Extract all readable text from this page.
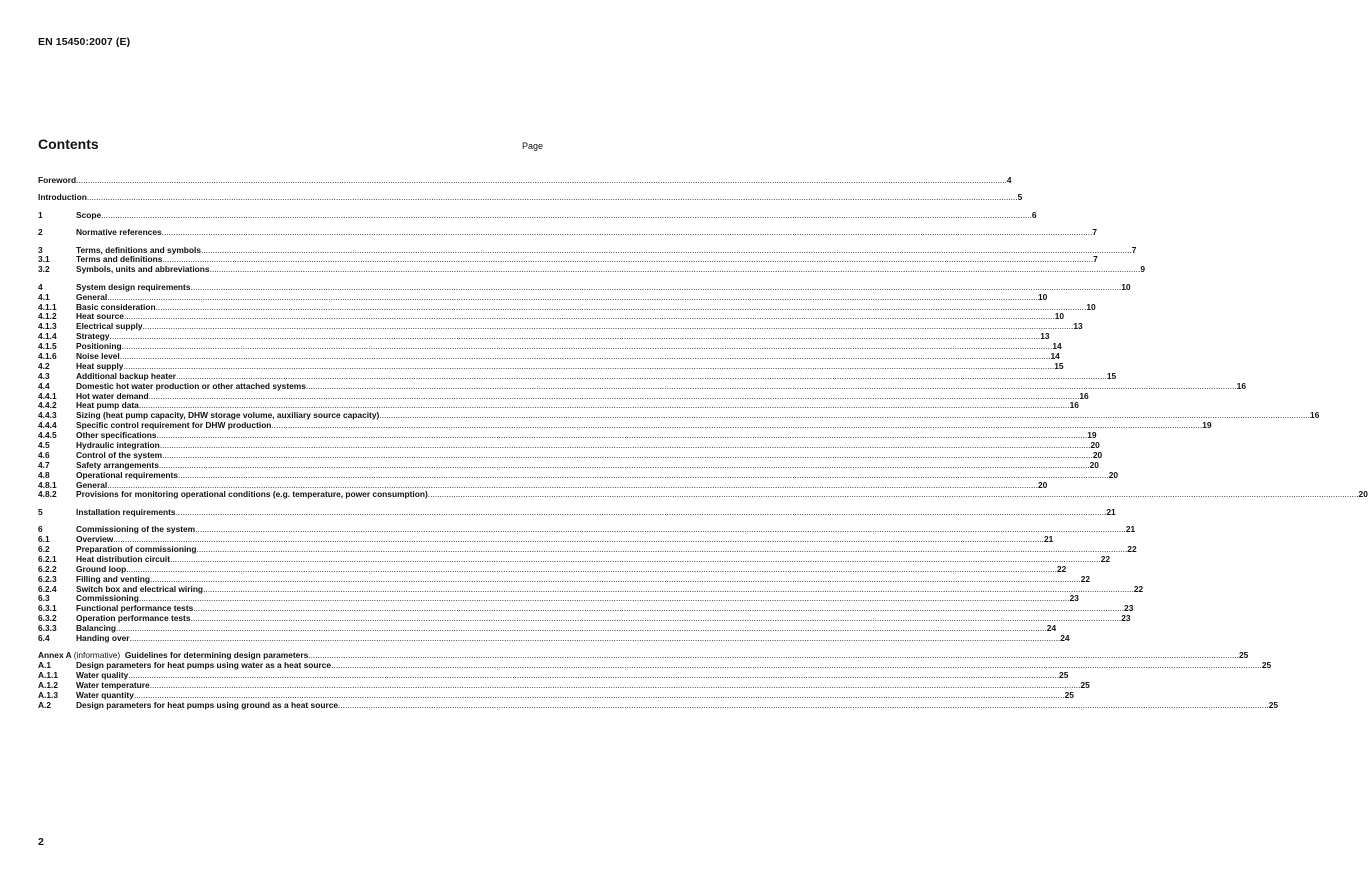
EN 15450:2007 (E)
Contents	Page
Foreword ................................................................................................................................................................................................................................................................................................................................................................................................................ 4
Introduction ................................................................................................................................................................................................................................................................................................................................................................................................................ 5
1	Scope ................................................................................................................................................................................................................................................................................................................................................................................................................ 6
2	Normative references ................................................................................................................................................................................................................................................................................................................................................................................................................ 7
3	Terms, definitions and symbols ................................................................................................................................................................................................................................................................................................................................................................................................................ 7
3.1	Terms and definitions ................................................................................................................................................................................................................................................................................................................................................................................................................ 7
3.2	Symbols, units and abbreviations ................................................................................................................................................................................................................................................................................................................................................................................................................ 9
4	System design requirements ................................................................................................................................................................................................................................................................................................................................................................................................................ 10
4.1	General ................................................................................................................................................................................................................................................................................................................................................................................................................ 10
4.1.1	Basic consideration ................................................................................................................................................................................................................................................................................................................................................................................................................ 10
4.1.2	Heat source ................................................................................................................................................................................................................................................................................................................................................................................................................ 10
4.1.3	Electrical supply ................................................................................................................................................................................................................................................................................................................................................................................................................ 13
4.1.4	Strategy ................................................................................................................................................................................................................................................................................................................................................................................................................ 13
4.1.5	Positioning ................................................................................................................................................................................................................................................................................................................................................................................................................ 14
4.1.6	Noise level ................................................................................................................................................................................................................................................................................................................................................................................................................ 14
4.2	Heat supply ................................................................................................................................................................................................................................................................................................................................................................................................................ 15
4.3	Additional backup heater ................................................................................................................................................................................................................................................................................................................................................................................................................ 15
4.4	Domestic hot water production or other attached systems ................................................................................................................................................................................................................................................................................................................................................................................................................ 16
4.4.1	Hot water demand ................................................................................................................................................................................................................................................................................................................................................................................................................ 16
4.4.2	Heat pump data ................................................................................................................................................................................................................................................................................................................................................................................................................ 16
4.4.3	Sizing (heat pump capacity, DHW storage volume, auxiliary source capacity) ................................................................................................................................................................................................................................................................................................................................................................................................................ 16
4.4.4	Specific control requirement for DHW production ................................................................................................................................................................................................................................................................................................................................................................................................................ 19
4.4.5	Other specifications ................................................................................................................................................................................................................................................................................................................................................................................................................ 19
4.5	Hydraulic integration ................................................................................................................................................................................................................................................................................................................................................................................................................ 20
4.6	Control of the system ................................................................................................................................................................................................................................................................................................................................................................................................................ 20
4.7	Safety arrangements ................................................................................................................................................................................................................................................................................................................................................................................................................ 20
4.8	Operational requirements ................................................................................................................................................................................................................................................................................................................................................................................................................ 20
4.8.1	General ................................................................................................................................................................................................................................................................................................................................................................................................................ 20
4.8.2	Provisions for monitoring operational conditions (e.g. temperature, power consumption) ................................................................................................................................................................................................................................................................................................................................................................................................................ 20
5	Installation requirements ................................................................................................................................................................................................................................................................................................................................................................................................................ 21
6	Commissioning of the system ................................................................................................................................................................................................................................................................................................................................................................................................................ 21
6.1	Overview ................................................................................................................................................................................................................................................................................................................................................................................................................ 21
6.2	Preparation of commissioning ................................................................................................................................................................................................................................................................................................................................................................................................................ 22
6.2.1	Heat distribution circuit ................................................................................................................................................................................................................................................................................................................................................................................................................ 22
6.2.2	Ground loop ................................................................................................................................................................................................................................................................................................................................................................................................................ 22
6.2.3	Filling and venting ................................................................................................................................................................................................................................................................................................................................................................................................................ 22
6.2.4	Switch box and electrical wiring ................................................................................................................................................................................................................................................................................................................................................................................................................ 22
6.3	Commissioning ................................................................................................................................................................................................................................................................................................................................................................................................................ 23
6.3.1	Functional performance tests ................................................................................................................................................................................................................................................................................................................................................................................................................ 23
6.3.2	Operation performance tests ................................................................................................................................................................................................................................................................................................................................................................................................................ 23
6.3.3	Balancing ................................................................................................................................................................................................................................................................................................................................................................................................................ 24
6.4	Handing over ................................................................................................................................................................................................................................................................................................................................................................................................................ 24
Annex A (informative)  Guidelines for determining design parameters ................................................................................................................................................................................................................................................................................................................................................................................................................ 25
A.1	Design parameters for heat pumps using water as a heat source ................................................................................................................................................................................................................................................................................................................................................................................................................ 25
A.1.1	Water quality ................................................................................................................................................................................................................................................................................................................................................................................................................ 25
A.1.2	Water temperature ................................................................................................................................................................................................................................................................................................................................................................................................................ 25
A.1.3	Water quantity ................................................................................................................................................................................................................................................................................................................................................................................................................ 25
A.2	Design parameters for heat pumps using ground as a heat source ................................................................................................................................................................................................................................................................................................................................................................................................................ 25
2
